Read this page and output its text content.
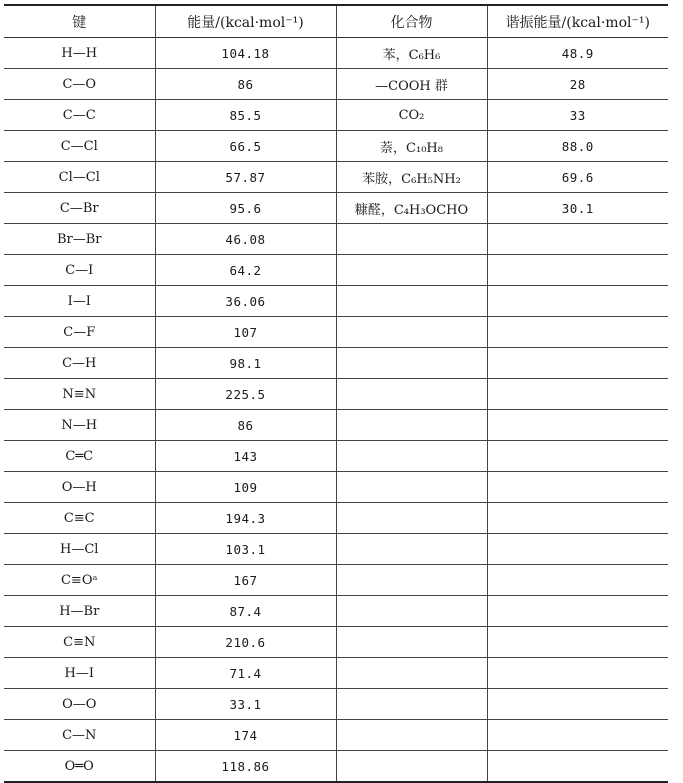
键	能量/(kcal·mol⁻¹)	化合物	谐振能量/(kcal·mol⁻¹)
H—H	104.18	苯，C₆H₆	48.9
C—O	86	—COOH 群	28
C—C	85.5	CO₂	33
C—Cl	66.5	萘，C₁₀H₈	88.0
Cl—Cl	57.87	苯胺，C₆H₅NH₂	69.6
C—Br	95.6	糠醛，C₄H₃OCHO	30.1
Br—Br	46.08		
C—I	64.2		
I—I	36.06		
C—F	107		
C—H	98.1		
N≡N	225.5		
N—H	86		
C═C	143		
O—H	109		
C≡C	194.3		
H—Cl	103.1		
C≡Oᵃ	167		
H—Br	87.4		
C≡N	210.6		
H—I	71.4		
O—O	33.1		
C—N	174		
O═O	118.86		
